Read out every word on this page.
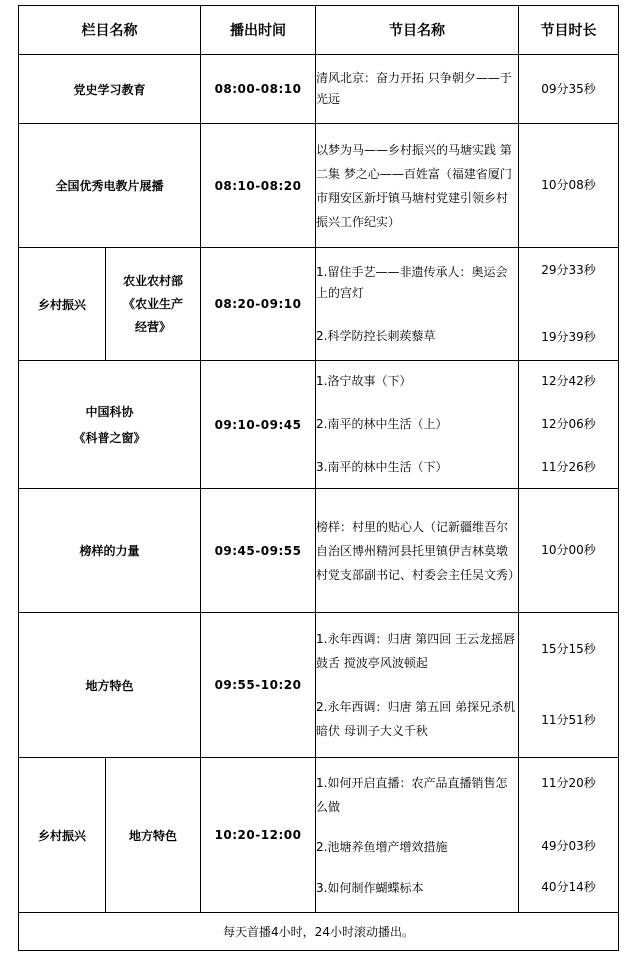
栏目名称		播出时间	节目名称	节目时长
党史学习教育		08:00-08:10	清风北京：奋力开拓 只争朝夕——于光远	09分35秒

全国优秀电教片展播		08:10-08:20	以梦为马——乡村振兴的马塘实践 第二集 梦之心——百姓富（福建省厦门市翔安区新圩镇马塘村党建引领乡村振兴工作纪实）	10分08秒

乡村振兴	农业农村部
《农业生产
经营》	08:20-09:10	1.留住手艺——非遗传承人：奥运会上的宫灯
2.科学防控长刺蒺藜草	29分33秒
19分39秒

中国科协
《科普之窗》		09:10-09:45	1.洛宁故事（下）
2.南平的林中生活（上）
3.南平的林中生活（下）	12分42秒
12分06秒
11分26秒

榜样的力量		09:45-09:55	榜样：村里的贴心人（记新疆维吾尔自治区博州精河县托里镇伊吉林莫墩村党支部副书记、村委会主任吴文秀）	10分00秒

地方特色		09:55-10:20	1.永年西调：归唐 第四回 王云龙摇唇鼓舌 搅波亭风波顿起
2.永年西调：归唐 第五回 弟探兄杀机暗伏 母训子大义千秋	15分15秒
11分51秒

乡村振兴	地方特色	10:20-12:00	1.如何开启直播：农产品直播销售怎么做
2.池塘养鱼增产增效措施
3.如何制作蝴蝶标本	11分20秒
49分03秒
40分14秒

每天首播4小时，24小时滚动播出。				
